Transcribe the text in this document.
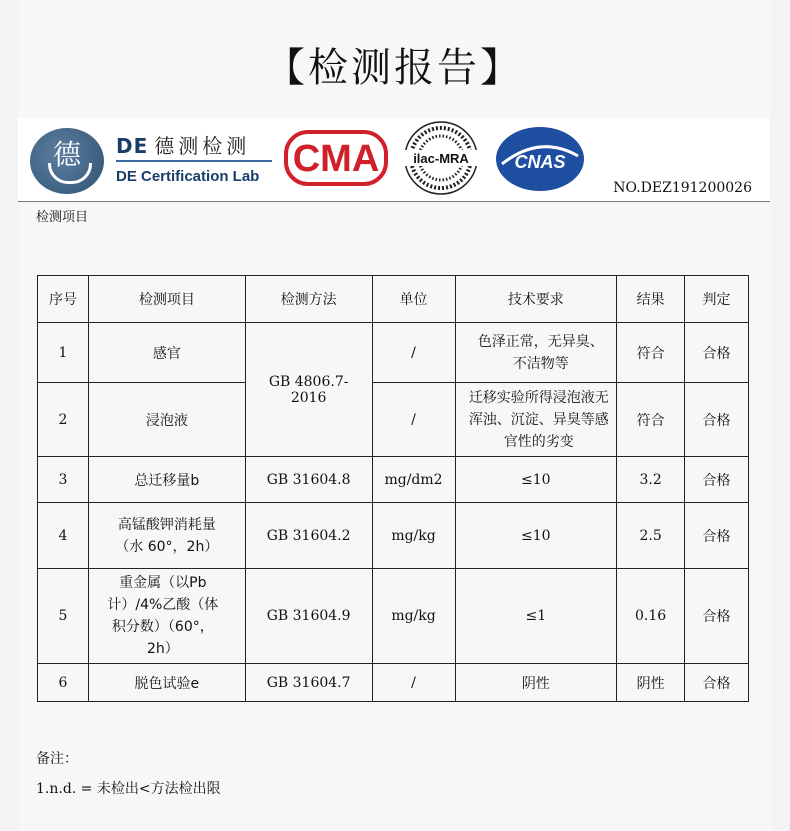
【检测报告】
德 DE 德测检测
DE Certification Lab CMA	ilac-MRA	CNAS
NO.DEZ191200026
检测项目
序号	检测项目	检测方法	单位	技术要求	结果	判定
1	感官	GB 4806.7-2016	/	色泽正常，无异臭、不洁物等	符合	合格
2	浸泡液		/	迁移实验所得浸泡液无浑浊、沉淀、异臭等感官性的劣变	符合	合格
3	总迁移量b	GB 31604.8	mg/dm2	≤10	3.2	合格
4	高锰酸钾消耗量（水 60°，2h）	GB 31604.2	mg/kg	≤10	2.5	合格
5	重金属（以Pb计）/4%乙酸（体积分数）（60°，2h）	GB 31604.9	mg/kg	≤1	0.16	合格
6	脱色试验e	GB 31604.7	/	阴性	阴性	合格
备注：
1.n.d. = 未检出<方法检出限
